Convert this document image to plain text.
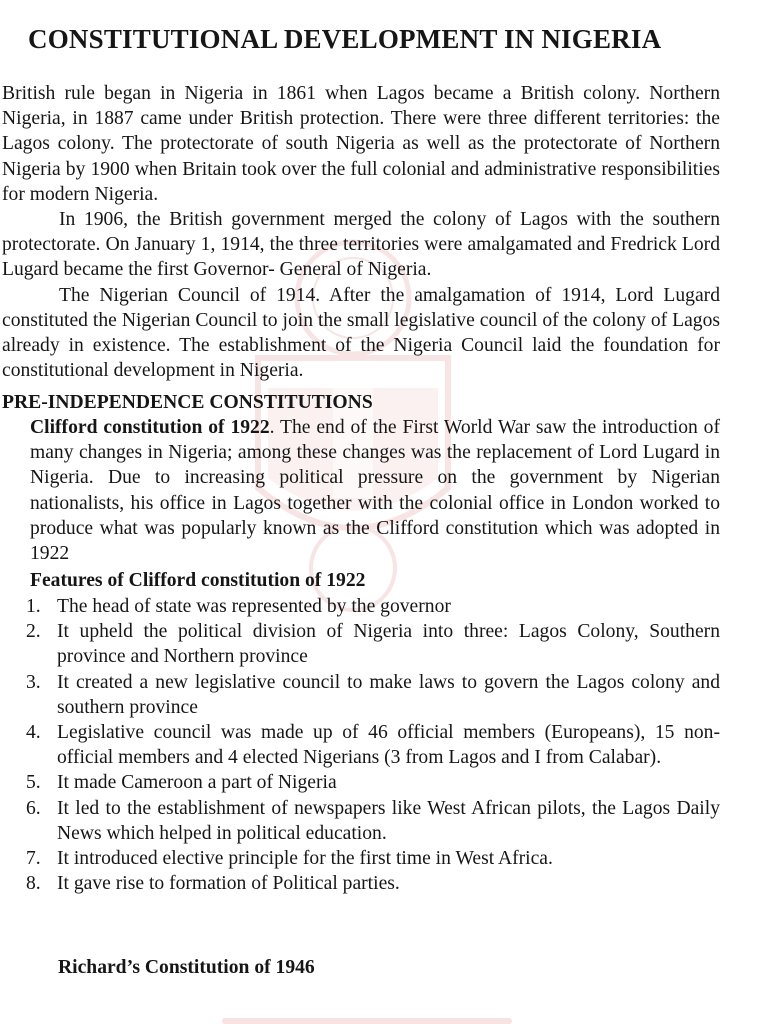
CONSTITUTIONAL DEVELOPMENT IN NIGERIA

British rule began in Nigeria in 1861 when Lagos became a British colony. Northern Nigeria, in 1887 came under British protection. There were three different territories: the Lagos colony. The protectorate of south Nigeria as well as the protectorate of Northern Nigeria by 1900 when Britain took over the full colonial and administrative responsibilities for modern Nigeria.

In 1906, the British government merged the colony of Lagos with the southern protectorate. On January 1, 1914, the three territories were amalgamated and Fredrick Lord Lugard became the first Governor- General of Nigeria.

The Nigerian Council of 1914. After the amalgamation of 1914, Lord Lugard constituted the Nigerian Council to join the small legislative council of the colony of Lagos already in existence. The establishment of the Nigeria Council laid the foundation for constitutional development in Nigeria.

PRE-INDEPENDENCE CONSTITUTIONS

Clifford constitution of 1922. The end of the First World War saw the introduction of many changes in Nigeria; among these changes was the replacement of Lord Lugard in Nigeria. Due to increasing political pressure on the government by Nigerian nationalists, his office in Lagos together with the colonial office in London worked to produce what was popularly known as the Clifford constitution which was adopted in 1922

Features of Clifford constitution of 1922
1. The head of state was represented by the governor
2. It upheld the political division of Nigeria into three: Lagos Colony, Southern province and Northern province
3. It created a new legislative council to make laws to govern the Lagos colony and southern province
4. Legislative council was made up of 46 official members (Europeans), 15 non-official members and 4 elected Nigerians (3 from Lagos and I from Calabar).
5. It made Cameroon a part of Nigeria
6. It led to the establishment of newspapers like West African pilots, the Lagos Daily News which helped in political education.
7. It introduced elective principle for the first time in West Africa.
8. It gave rise to formation of Political parties.
Richard’s Constitution of 1946
